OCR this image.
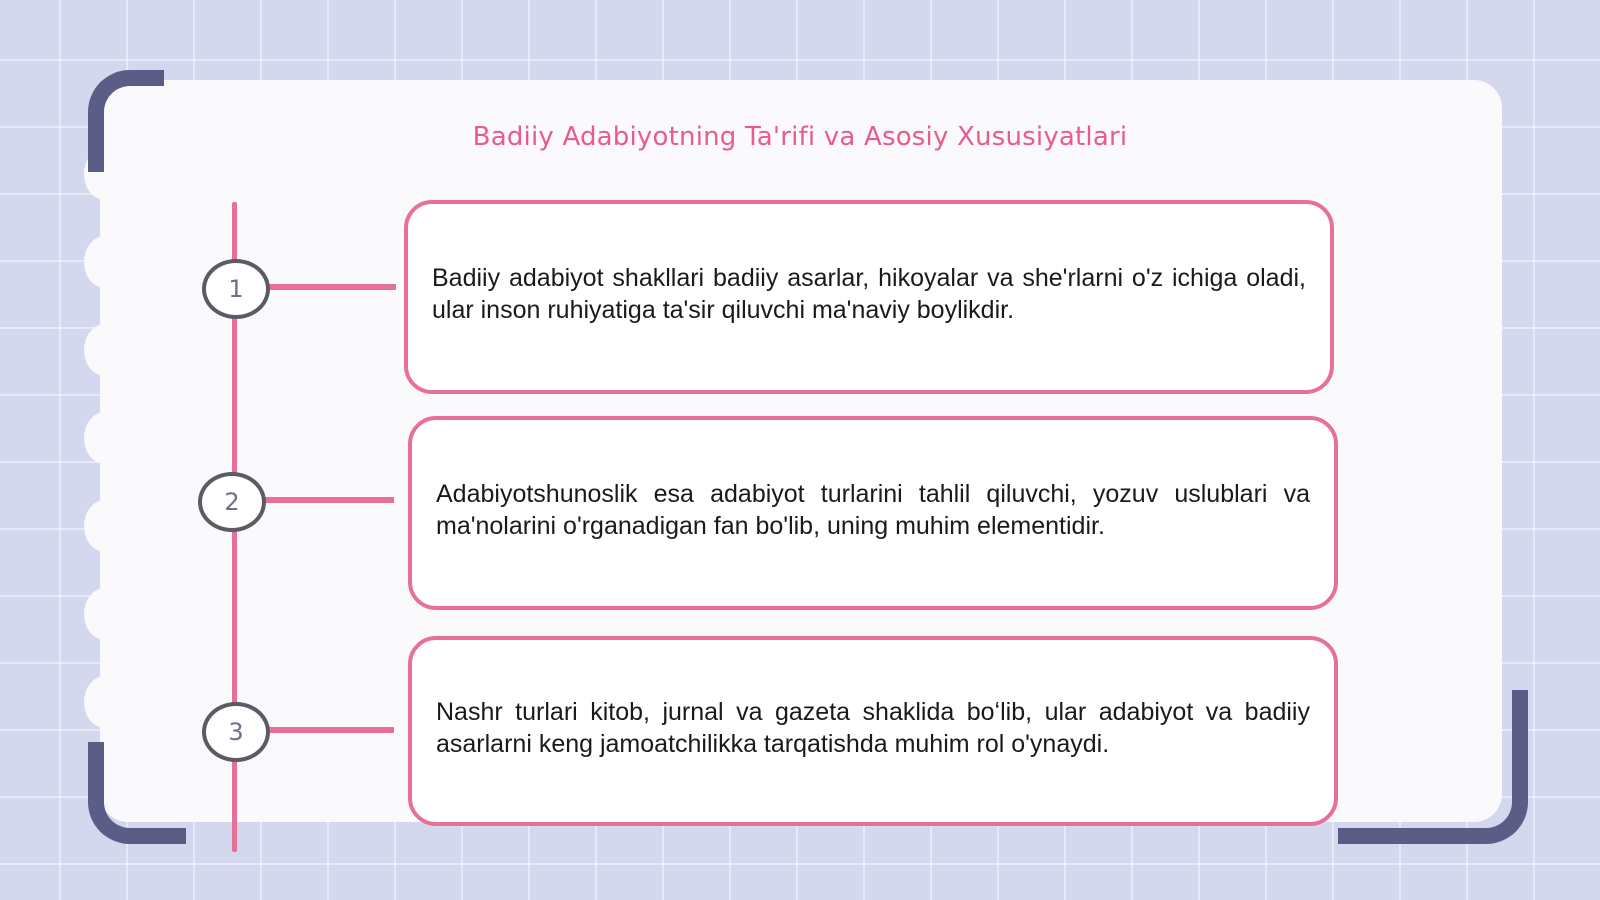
Badiiy Adabiyotning Ta'rifi va Asosiy Xususiyatlari
1	Badiiy adabiyot shakllari badiiy asarlar, hikoyalar va she'rlarni o'z ichiga oladi, ular inson ruhiyatiga ta'sir qiluvchi ma'naviy boylikdir.

2	Adabiyotshunoslik esa adabiyot turlarini tahlil qiluvchi, yozuv uslublari va ma'nolarini o'rganadigan fan bo'lib, uning muhim elementidir.

3

Nashr turlari kitob, jurnal va gazeta shaklida boʻlib, ular adabiyot va badiiy asarlarni keng jamoatchilikka tarqatishda muhim rol o'ynaydi.
